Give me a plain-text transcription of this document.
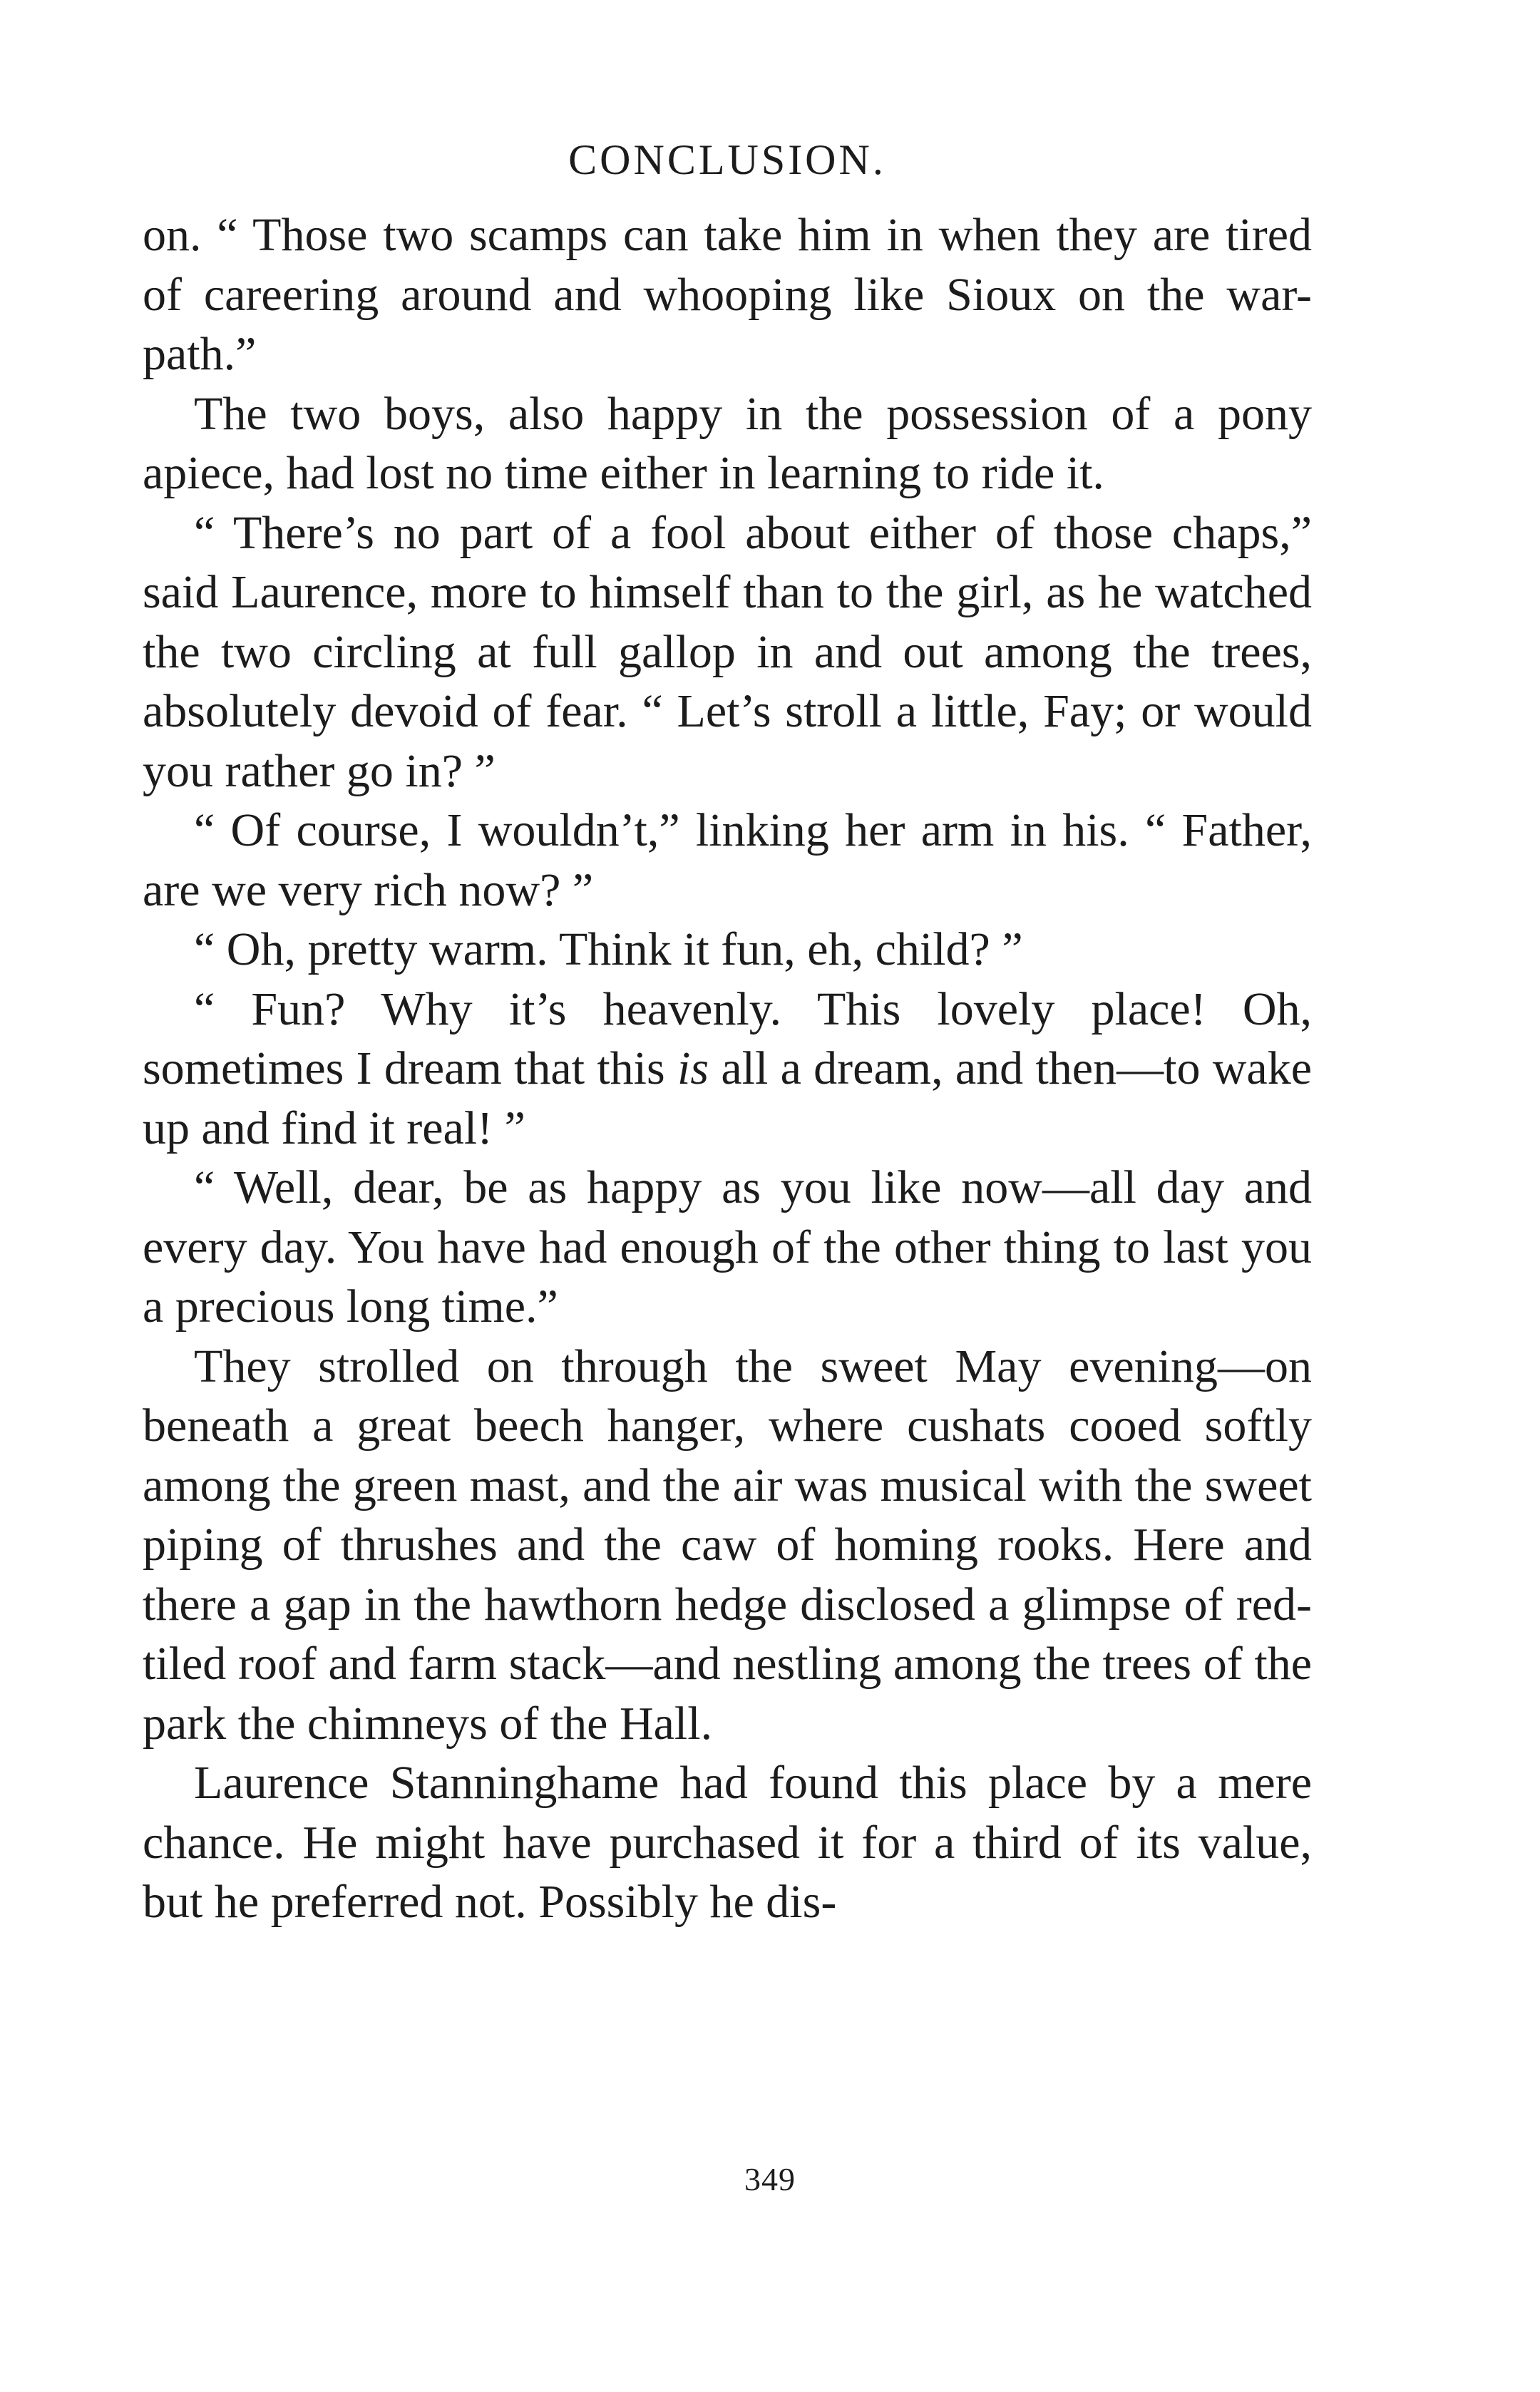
CONCLUSION.

on. “ Those two scamps can take him in when they are tired of careering around and whooping like Sioux on the war-path.”

The two boys, also happy in the possession of a pony apiece, had lost no time either in learning to ride it.

“ There’s no part of a fool about either of those chaps,” said Laurence, more to himself than to the girl, as he watched the two circling at full gallop in and out among the trees, absolutely devoid of fear. “ Let’s stroll a little, Fay; or would you rather go in? ”

“ Of course, I wouldn’t,” linking her arm in his. “ Father, are we very rich now? ”

“ Oh, pretty warm. Think it fun, eh, child? ”

“ Fun? Why it’s heavenly. This lovely place! Oh, sometimes I dream that this is all a dream, and then—to wake up and find it real! ”

“ Well, dear, be as happy as you like now—all day and every day. You have had enough of the other thing to last you a precious long time.”

They strolled on through the sweet May evening—on beneath a great beech hanger, where cushats cooed softly among the green mast, and the air was musical with the sweet piping of thrushes and the caw of homing rooks. Here and there a gap in the hawthorn hedge disclosed a glimpse of red-tiled roof and farm stack—and nestling among the trees of the park the chimneys of the Hall.

Laurence Stanninghame had found this place by a mere chance. He might have purchased it for a third of its value, but he preferred not. Possibly he dis-

349
